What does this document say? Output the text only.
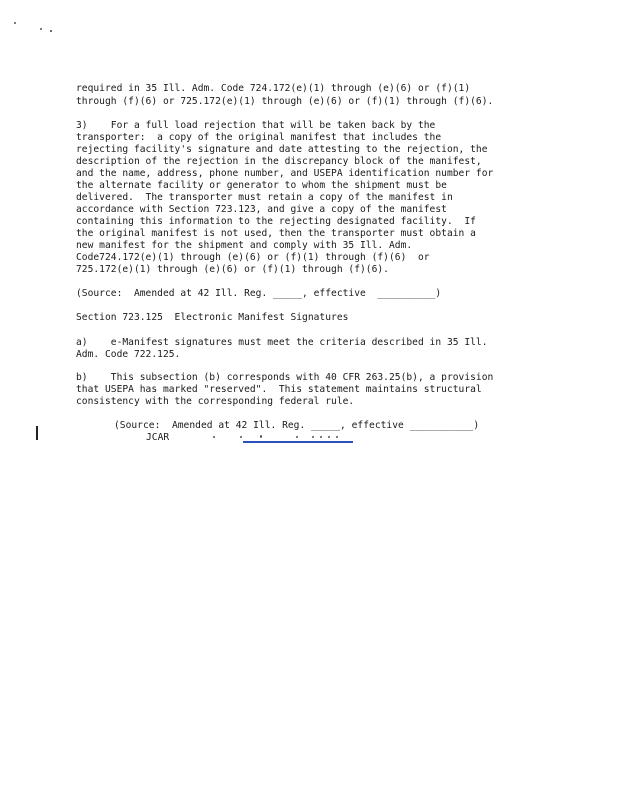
required in 35 Ill. Adm. Code 724.172(e)(1) through (e)(6) or (f)(1)
through (f)(6) or 725.172(e)(1) through (e)(6) or (f)(1) through (f)(6).
3)    For a full load rejection that will be taken back by the
transporter:  a copy of the original manifest that includes the
rejecting facility's signature and date attesting to the rejection, the
description of the rejection in the discrepancy block of the manifest,
and the name, address, phone number, and USEPA identification number for
the alternate facility or generator to whom the shipment must be
delivered.  The transporter must retain a copy of the manifest in
accordance with Section 723.123, and give a copy of the manifest
containing this information to the rejecting designated facility.  If
the original manifest is not used, then the transporter must obtain a
new manifest for the shipment and comply with 35 Ill. Adm.
Code724.172(e)(1) through (e)(6) or (f)(1) through (f)(6)  or
725.172(e)(1) through (e)(6) or (f)(1) through (f)(6).
(Source:  Amended at 42 Ill. Reg. _____, effective  __________)
Section 723.125  Electronic Manifest Signatures
a)    e-Manifest signatures must meet the criteria described in 35 Ill.
Adm. Code 722.125.
b)    This subsection (b) corresponds with 40 CFR 263.25(b), a provision
that USEPA has marked "reserved".  This statement maintains structural
consistency with the corresponding federal rule.
(Source:  Amended at 42 Ill. Reg. _____, effective ___________)
JCAR
